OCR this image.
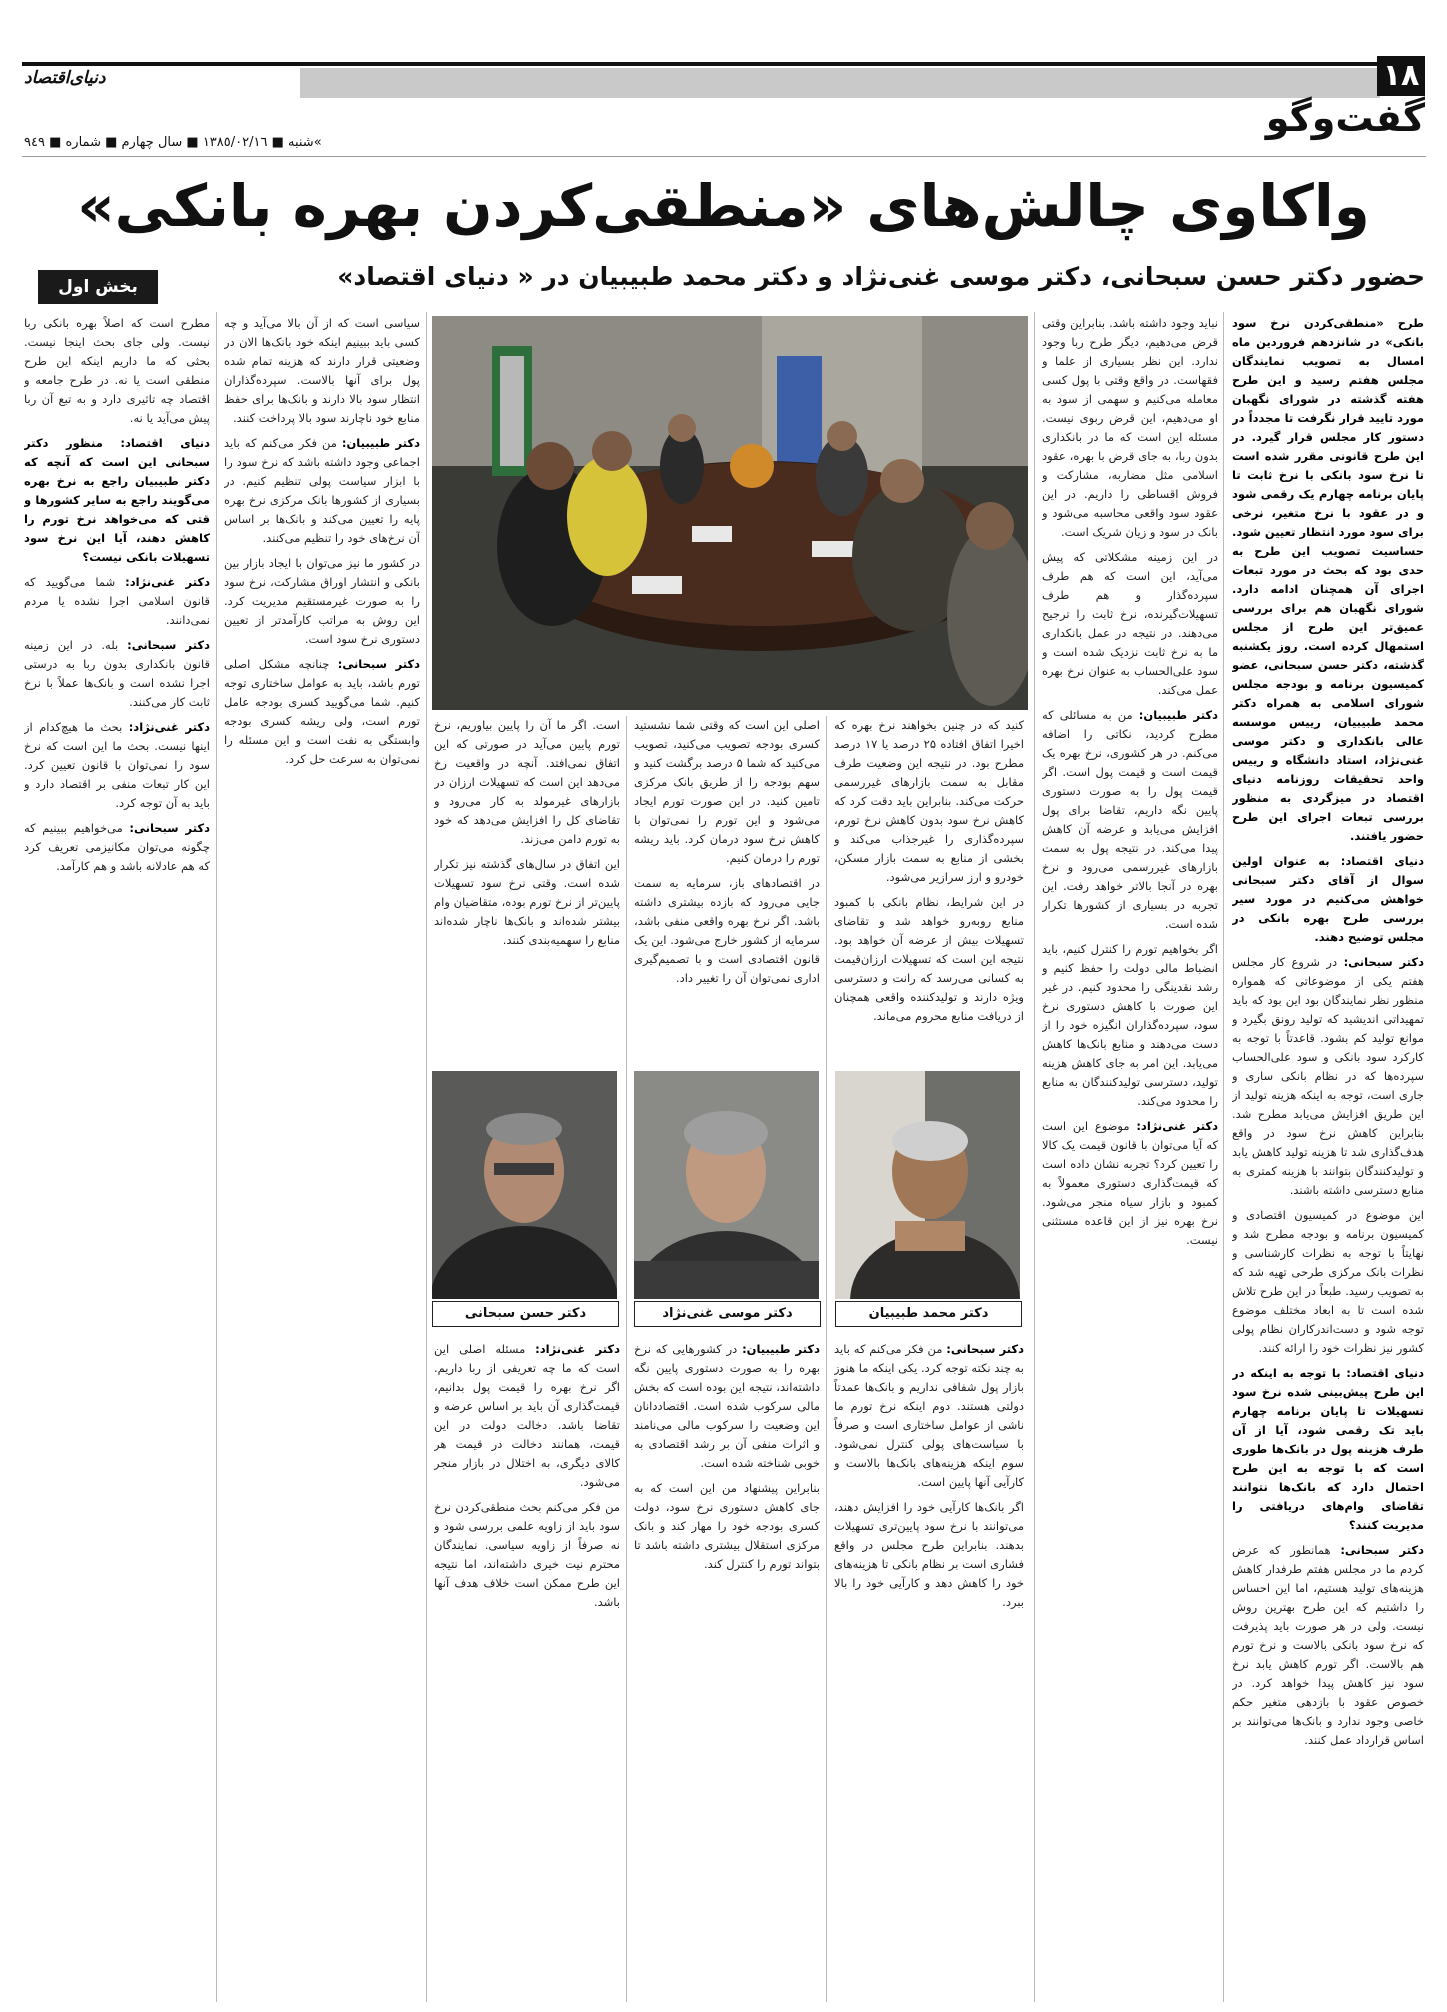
١٨
دنیای‌اقتصاد
گفت‌وگو
»شنبه ■ ١٣٨٥/٠٢/١٦ ■ سال چهارم ■ شماره ■ ٩٤٩
واکاوی چالش‌های «منطقی‌کردن بهره بانکی»
حضور دکتر حسن سبحانی، دکتر موسی غنی‌نژاد و دکتر محمد طبیبیان در « دنیای اقتصاد»
بخش اول
دکتر محمد طبیبیان
دکتر موسی غنی‌نژاد
دکتر حسن سبحانی

طرح «منطقی‌کردن نرخ سود بانکی» در شانزدهم فروردین ماه امسال به تصویب نمایندگان مجلس هفتم رسید و این طرح هفته گذشته در شورای نگهبان مورد تایید قرار نگرفت تا مجدداً در دستور کار مجلس قرار گیرد. در این طرح قانونی مقرر شده است تا نرخ سود بانکی با نرخ ثابت تا پایان برنامه چهارم یک رقمی شود و در عقود با نرخ متغیر، نرخی برای سود مورد انتظار تعیین شود. حساسیت تصویب این طرح به حدی بود که بحث در مورد تبعات اجرای آن همچنان ادامه دارد. شورای نگهبان هم برای بررسی عمیق‌تر این طرح از مجلس استمهال کرده است. روز یکشنبه گذشته، دکتر حسن سبحانی، عضو کمیسیون برنامه و بودجه مجلس شورای اسلامی به همراه دکتر محمد طبیبیان، رییس موسسه عالی بانکداری و دکتر موسی غنی‌نژاد، استاد دانشگاه و رییس واحد تحقیقات روزنامه دنیای اقتصاد در میزگردی به منظور بررسی تبعات اجرای این طرح حضور یافتند.

دنیای اقتصاد: به عنوان اولین سوال از آقای دکتر سبحانی خواهش می‌کنیم در مورد سیر بررسی طرح بهره بانکی در مجلس توضیح دهند.

دکتر سبحانی: در شروع کار مجلس هفتم یکی از موضوعاتی که همواره منظور نظر نمایندگان بود این بود که باید تمهیداتی اندیشید که تولید رونق بگیرد و موانع تولید کم بشود. قاعدتاً با توجه به کارکرد سود بانکی و سود علی‌الحساب سپرده‌ها که در نظام بانکی ساری و جاری است، توجه به اینکه هزینه تولید از این طریق افزایش می‌یابد مطرح شد. بنابراین کاهش نرخ سود در واقع هدف‌گذاری شد تا هزینه تولید کاهش یابد و تولیدکنندگان بتوانند با هزینه کمتری به منابع دسترسی داشته باشند.

این موضوع در کمیسیون اقتصادی و کمیسیون برنامه و بودجه مطرح شد و نهایتاً با توجه به نظرات کارشناسی و نظرات بانک مرکزی طرحی تهیه شد که به تصویب رسید. طبعاً در این طرح تلاش شده است تا به ابعاد مختلف موضوع توجه شود و دست‌اندرکاران نظام پولی کشور نیز نظرات خود را ارائه کنند.

دنیای اقتصاد: با توجه به اینکه در این طرح پیش‌بینی شده نرخ سود تسهیلات تا پایان برنامه چهارم باید تک رقمی شود، آیا از آن طرف هزینه پول در بانک‌ها طوری است که با توجه به این طرح احتمال دارد که بانک‌ها نتوانند تقاضای وام‌های دریافتی را مدیریت کنند؟

دکتر سبحانی: همانطور که عرض کردم ما در مجلس هفتم طرفدار کاهش هزینه‌های تولید هستیم، اما این احساس را داشتیم که این طرح بهترین روش نیست. ولی در هر صورت باید پذیرفت که نرخ سود بانکی بالاست و نرخ تورم هم بالاست. اگر تورم کاهش یابد نرخ سود نیز کاهش پیدا خواهد کرد. در خصوص عقود با بازدهی متغیر حکم خاصی وجود ندارد و بانک‌ها می‌توانند بر اساس قرارداد عمل کنند.

نباید وجود داشته باشد. بنابراین وقتی قرض می‌دهیم، دیگر طرح ربا وجود ندارد. این نظر بسیاری از علما و فقهاست. در واقع وقتی با پول کسی معامله می‌کنیم و سهمی از سود به او می‌دهیم، این قرض ربوی نیست. مسئله این است که ما در بانکداری بدون ربا، به جای قرض با بهره، عقود اسلامی مثل مضاربه، مشارکت و فروش اقساطی را داریم. در این عقود سود واقعی محاسبه می‌شود و بانک در سود و زیان شریک است.

در این زمینه مشکلاتی که پیش می‌آید، این است که هم طرف سپرده‌گذار و هم طرف تسهیلات‌گیرنده، نرخ ثابت را ترجیح می‌دهند. در نتیجه در عمل بانکداری ما به نرخ ثابت نزدیک شده است و سود علی‌الحساب به عنوان نرخ بهره عمل می‌کند.

دکتر طبیبیان: من به مسائلی که مطرح کردید، نکاتی را اضافه می‌کنم. در هر کشوری، نرخ بهره یک قیمت است و قیمت پول است. اگر قیمت پول را به صورت دستوری پایین نگه داریم، تقاضا برای پول افزایش می‌یابد و عرضه آن کاهش پیدا می‌کند. در نتیجه پول به سمت بازارهای غیررسمی می‌رود و نرخ بهره در آنجا بالاتر خواهد رفت. این تجربه در بسیاری از کشورها تکرار شده است.

اگر بخواهیم تورم را کنترل کنیم، باید انضباط مالی دولت را حفظ کنیم و رشد نقدینگی را محدود کنیم. در غیر این صورت با کاهش دستوری نرخ سود، سپرده‌گذاران انگیزه خود را از دست می‌دهند و منابع بانک‌ها کاهش می‌یابد. این امر به جای کاهش هزینه تولید، دسترسی تولیدکنندگان به منابع را محدود می‌کند.

دکتر غنی‌نژاد: موضوع این است که آیا می‌توان با قانون قیمت یک کالا را تعیین کرد؟ تجربه نشان داده است که قیمت‌گذاری دستوری معمولاً به کمبود و بازار سیاه منجر می‌شود. نرخ بهره نیز از این قاعده مستثنی نیست.

کنید که در چنین بخواهند نرخ بهره که اخیرا اتفاق افتاده ۲۵ درصد یا ۱۷ درصد مطرح بود. در نتیجه این وضعیت طرف مقابل به سمت بازارهای غیررسمی حرکت می‌کند. بنابراین باید دقت کرد که کاهش نرخ سود بدون کاهش نرخ تورم، سپرده‌گذاری را غیرجذاب می‌کند و بخشی از منابع به سمت بازار مسکن، خودرو و ارز سرازیر می‌شود.

در این شرایط، نظام بانکی با کمبود منابع روبه‌رو خواهد شد و تقاضای تسهیلات بیش از عرضه آن خواهد بود. نتیجه این است که تسهیلات ارزان‌قیمت به کسانی می‌رسد که رانت و دسترسی ویژه دارند و تولیدکننده واقعی همچنان از دریافت منابع محروم می‌ماند.

دکتر سبحانی: من فکر می‌کنم که باید به چند نکته توجه کرد. یکی اینکه ما هنوز بازار پول شفافی نداریم و بانک‌ها عمدتاً دولتی هستند. دوم اینکه نرخ تورم ما ناشی از عوامل ساختاری است و صرفاً با سیاست‌های پولی کنترل نمی‌شود. سوم اینکه هزینه‌های بانک‌ها بالاست و کارآیی آنها پایین است.

اگر بانک‌ها کارآیی خود را افزایش دهند، می‌توانند با نرخ سود پایین‌تری تسهیلات بدهند. بنابراین طرح مجلس در واقع فشاری است بر نظام بانکی تا هزینه‌های خود را کاهش دهد و کارآیی خود را بالا ببرد.

اصلی این است که وقتی شما نشستید کسری بودجه تصویب می‌کنید، تصویب می‌کنید که شما ۵ درصد برگشت کنید و سهم بودجه را از طریق بانک مرکزی تامین کنید. در این صورت تورم ایجاد می‌شود و این تورم را نمی‌توان با کاهش نرخ سود درمان کرد. باید ریشه تورم را درمان کنیم.

در اقتصادهای باز، سرمایه به سمت جایی می‌رود که بازده بیشتری داشته باشد. اگر نرخ بهره واقعی منفی باشد، سرمایه از کشور خارج می‌شود. این یک قانون اقتصادی است و با تصمیم‌گیری اداری نمی‌توان آن را تغییر داد.

دکتر طبیبیان: در کشورهایی که نرخ بهره را به صورت دستوری پایین نگه داشته‌اند، نتیجه این بوده است که بخش مالی سرکوب شده است. اقتصاددانان این وضعیت را سرکوب مالی می‌نامند و اثرات منفی آن بر رشد اقتصادی به خوبی شناخته شده است.

بنابراین پیشنهاد من این است که به جای کاهش دستوری نرخ سود، دولت کسری بودجه خود را مهار کند و بانک مرکزی استقلال بیشتری داشته باشد تا بتواند تورم را کنترل کند.

است. اگر ما آن را پایین بیاوریم، نرخ تورم پایین می‌آید در صورتی که این اتفاق نمی‌افتد. آنچه در واقعیت رخ می‌دهد این است که تسهیلات ارزان در بازارهای غیرمولد به کار می‌رود و تقاضای کل را افزایش می‌دهد که خود به تورم دامن می‌زند.

این اتفاق در سال‌های گذشته نیز تکرار شده است. وقتی نرخ سود تسهیلات پایین‌تر از نرخ تورم بوده، متقاضیان وام بیشتر شده‌اند و بانک‌ها ناچار شده‌اند منابع را سهمیه‌بندی کنند.

دکتر غنی‌نژاد: مسئله اصلی این است که ما چه تعریفی از ربا داریم. اگر نرخ بهره را قیمت پول بدانیم، قیمت‌گذاری آن باید بر اساس عرضه و تقاضا باشد. دخالت دولت در این قیمت، همانند دخالت در قیمت هر کالای دیگری، به اختلال در بازار منجر می‌شود.

من فکر می‌کنم بحث منطقی‌کردن نرخ سود باید از زاویه علمی بررسی شود و نه صرفاً از زاویه سیاسی. نمایندگان محترم نیت خیری داشته‌اند، اما نتیجه این طرح ممکن است خلاف هدف آنها باشد.

سیاسی است که از آن بالا می‌آید و چه کسی باید ببینیم اینکه خود بانک‌ها الان در وضعیتی قرار دارند که هزینه تمام شده پول برای آنها بالاست. سپرده‌گذاران انتظار سود بالا دارند و بانک‌ها برای حفظ منابع خود ناچارند سود بالا پرداخت کنند.

دکتر طبیبیان: من فکر می‌کنم که باید اجماعی وجود داشته باشد که نرخ سود را با ابزار سیاست پولی تنظیم کنیم. در بسیاری از کشورها بانک مرکزی نرخ بهره پایه را تعیین می‌کند و بانک‌ها بر اساس آن نرخ‌های خود را تنظیم می‌کنند.

در کشور ما نیز می‌توان با ایجاد بازار بین بانکی و انتشار اوراق مشارکت، نرخ سود را به صورت غیرمستقیم مدیریت کرد. این روش به مراتب کارآمدتر از تعیین دستوری نرخ سود است.

دکتر سبحانی: چنانچه مشکل اصلی تورم باشد، باید به عوامل ساختاری توجه کنیم. شما می‌گویید کسری بودجه عامل تورم است، ولی ریشه کسری بودجه وابستگی به نفت است و این مسئله را نمی‌توان به سرعت حل کرد.

مطرح است که اصلاً بهره بانکی ربا نیست. ولی جای بحث اینجا نیست. بحثی که ما داریم اینکه این طرح منطقی است یا نه. در طرح جامعه و اقتصاد چه تاثیری دارد و به تبع آن ربا پیش می‌آید یا نه.

دنیای اقتصاد: منظور دکتر سبحانی این است که آنچه که دکتر طبیبیان راجع به نرخ بهره می‌گویند راجع به سایر کشورها و قتی که می‌خواهد نرخ تورم را کاهش دهند، آیا این نرخ سود تسهیلات بانکی نیست؟

دکتر غنی‌نژاد: شما می‌گویید که قانون اسلامی اجرا نشده یا مردم نمی‌دانند.

دکتر سبحانی: بله. در این زمینه قانون بانکداری بدون ربا به درستی اجرا نشده است و بانک‌ها عملاً با نرخ ثابت کار می‌کنند.

دکتر غنی‌نژاد: بحث ما هیچ‌کدام از اینها نیست. بحث ما این است که نرخ سود را نمی‌توان با قانون تعیین کرد. این کار تبعات منفی بر اقتصاد دارد و باید به آن توجه کرد.

دکتر سبحانی: می‌خواهیم ببینیم که چگونه می‌توان مکانیزمی تعریف کرد که هم عادلانه باشد و هم کارآمد.
